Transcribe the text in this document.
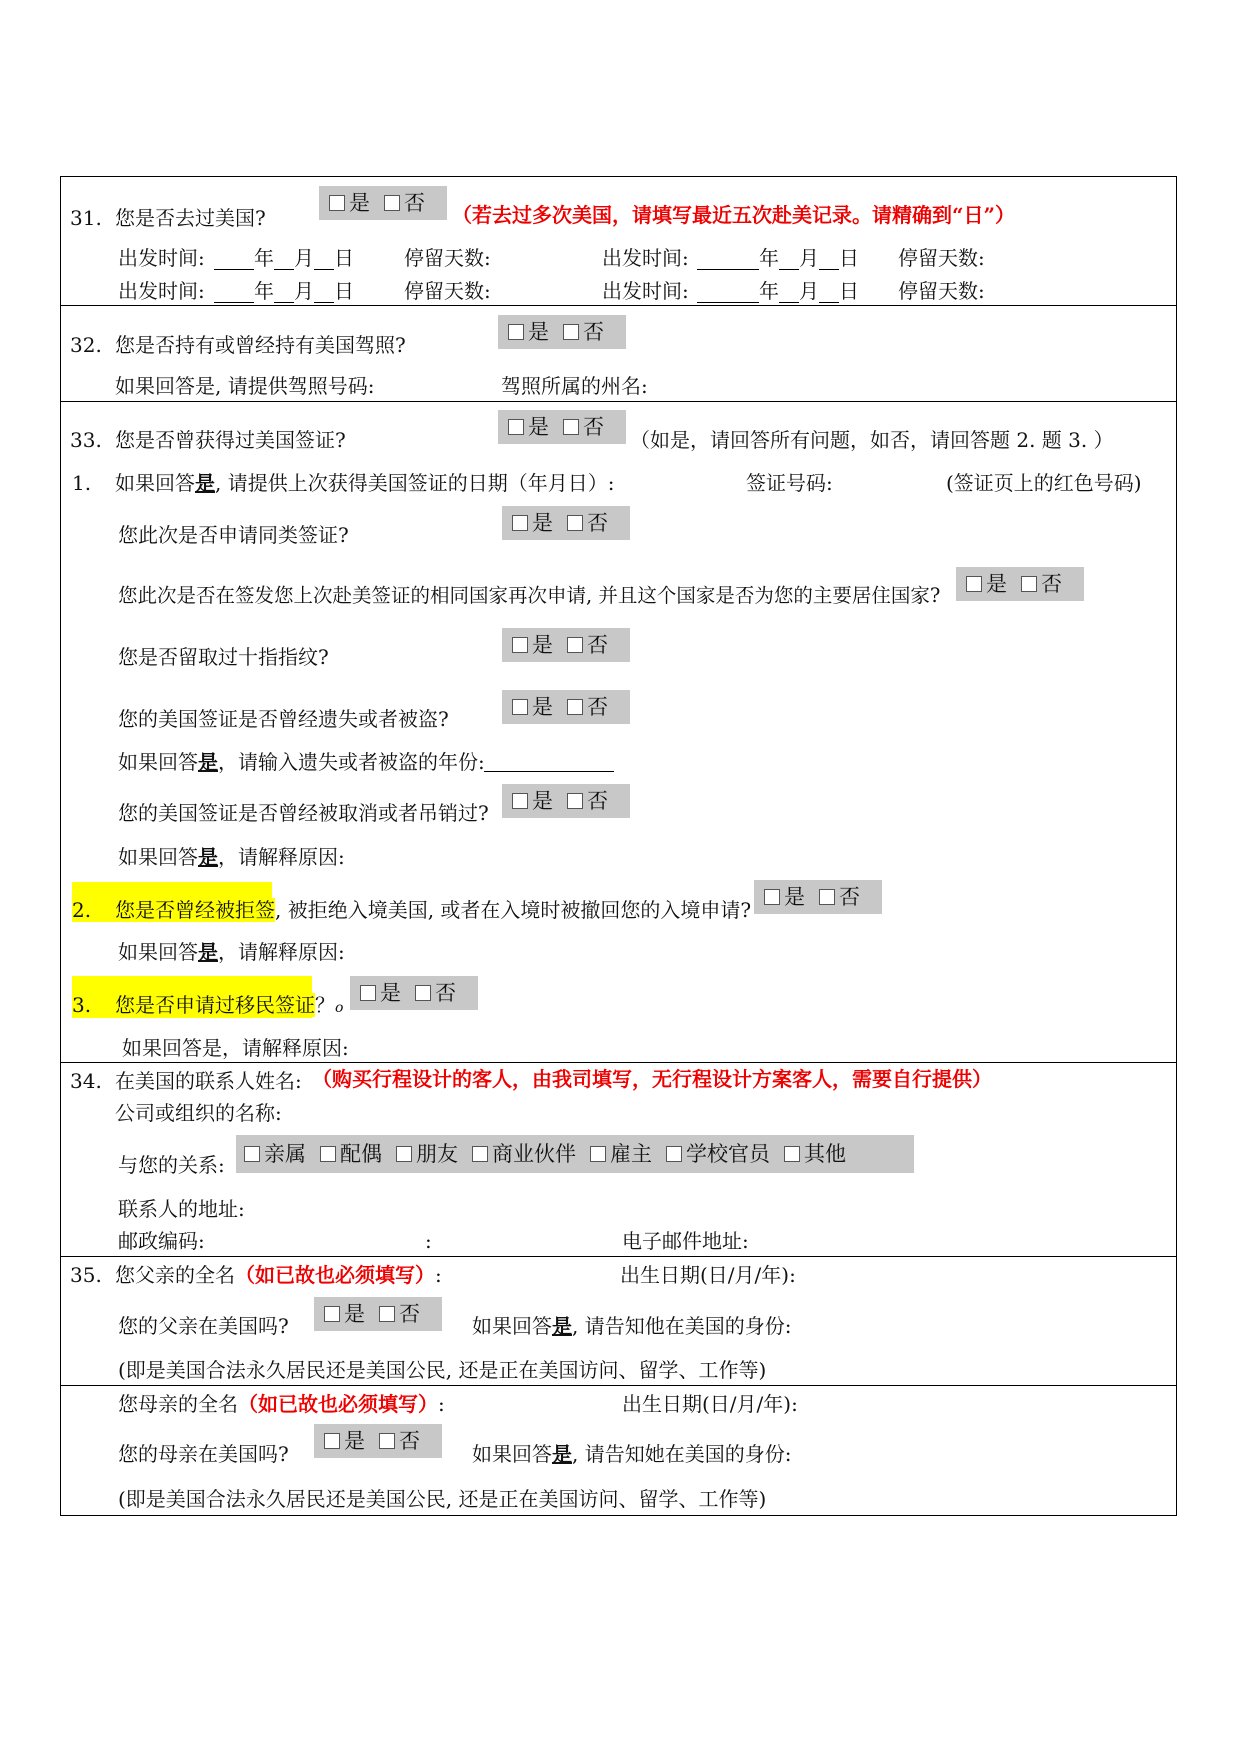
31. 您是否去过美国?
是 否 （若去过多次美国，请填写最近五次赴美记录。请精确到“日”）
出发时间:	年 月 日	停留天数:	出发时间:	年 月 日 停留天数:
出发时间:	年 月 日	停留天数:	出发时间:	年 月 日 停留天数:
32. 您是否持有或曾经持有美国驾照?
是 否
如果回答是, 请提供驾照号码:	驾照所属的州名:
33. 您是否曾获得过美国签证?
是 否
（如是，请回答所有问题，如否，请回答题 2. 题 3. ）
1. 如果回答是, 请提供上次获得美国签证的日期（年月日）:	签证号码:	(签证页上的红色号码)
您此次是否申请同类签证?	是 否
您此次是否在签发您上次赴美签证的相同国家再次申请, 并且这个国家是否为您的主要居住国家? 是 否
您是否留取过十指指纹?	是 否
您的美国签证是否曾经遗失或者被盗?	是 否
如果回答是，请输入遗失或者被盗的年份:
您的美国签证是否曾经被取消或者吊销过? 是 否
如果回答是，请解释原因:
2. 您是否曾经被拒签, 被拒绝入境美国, 或者在入境时被撤回您的入境申请?
是 否
如果回答是，请解释原因:
3. 您是否申请过移民签证？o
是 否
如果回答是，请解释原因:
34. 在美国的联系人姓名: （购买行程设计的客人，由我司填写，无行程设计方案客人，需要自行提供）
公司或组织的名称:
与您的关系: 亲属 配偶 朋友 商业伙伴 雇主 学校官员 其他
联系人的地址:
邮政编码:	:	电子邮件地址:
35. 您父亲的全名（如已故也必须填写）:	出生日期(日/月/年):
您的父亲在美国吗?	是 否	如果回答是, 请告知他在美国的身份:
(即是美国合法永久居民还是美国公民, 还是正在美国访问、留学、工作等)
您母亲的全名（如已故也必须填写）:	出生日期(日/月/年):
您的母亲在美国吗?
是 否
如果回答是, 请告知她在美国的身份:
(即是美国合法永久居民还是美国公民, 还是正在美国访问、留学、工作等)
